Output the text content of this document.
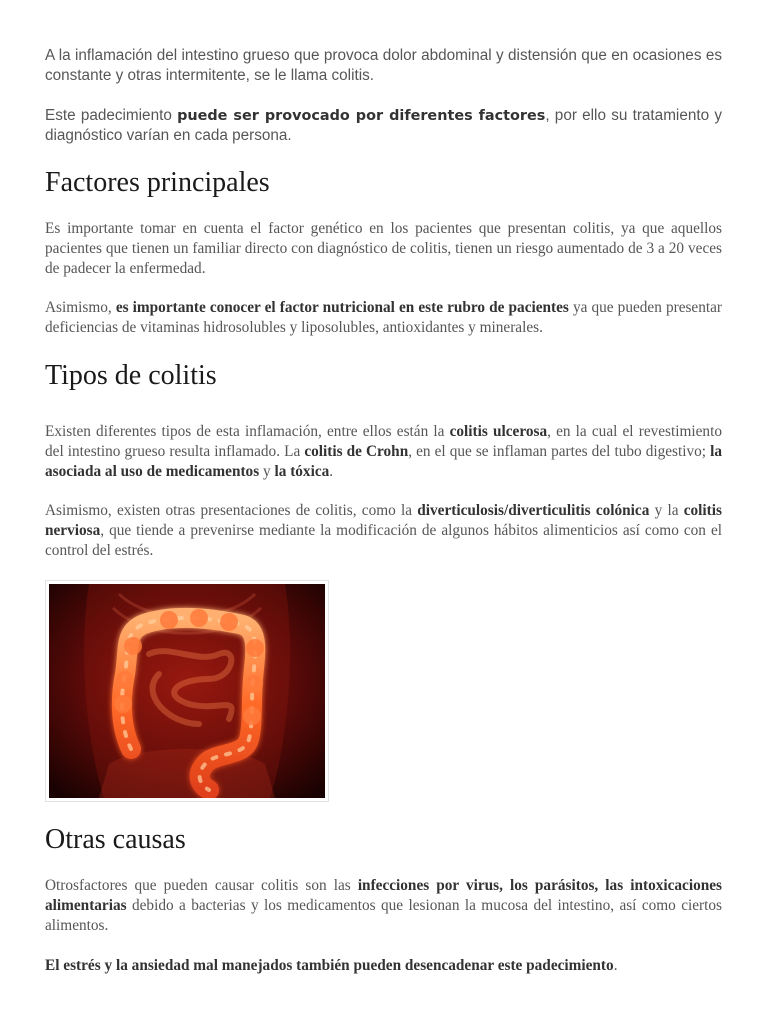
A la inflamación del intestino grueso que provoca dolor abdominal y distensión que en ocasiones es constante y otras intermitente, se le llama colitis.

Este padecimiento puede ser provocado por diferentes factores, por ello su tratamiento y diagnóstico varían en cada persona.

Factores principales

Es importante tomar en cuenta el factor genético en los pacientes que presentan colitis, ya que aquellos pacientes que tienen un familiar directo con diagnóstico de colitis, tienen un riesgo aumentado de 3 a 20 veces de padecer la enfermedad.

Asimismo, es importante conocer el factor nutricional en este rubro de pacientes ya que pueden presentar deficiencias de vitaminas hidrosolubles y liposolubles, antioxidantes y minerales.

Tipos de colitis

Existen diferentes tipos de esta inflamación, entre ellos están la colitis ulcerosa, en la cual el revestimiento del intestino grueso resulta inflamado. La colitis de Crohn, en el que se inflaman partes del tubo digestivo; la asociada al uso de medicamentos y la tóxica.

Asimismo, existen otras presentaciones de colitis, como la diverticulosis/diverticulitis colónica y la colitis nerviosa, que tiende a prevenirse mediante la modificación de algunos hábitos alimenticios así como con el control del estrés.

Otras causas

Otrosfactores que pueden causar colitis son las infecciones por virus, los parásitos, las intoxicaciones alimentarias debido a bacterias y los medicamentos que lesionan la mucosa del intestino, así como ciertos alimentos.

El estrés y la ansiedad mal manejados también pueden desencadenar este padecimiento.
